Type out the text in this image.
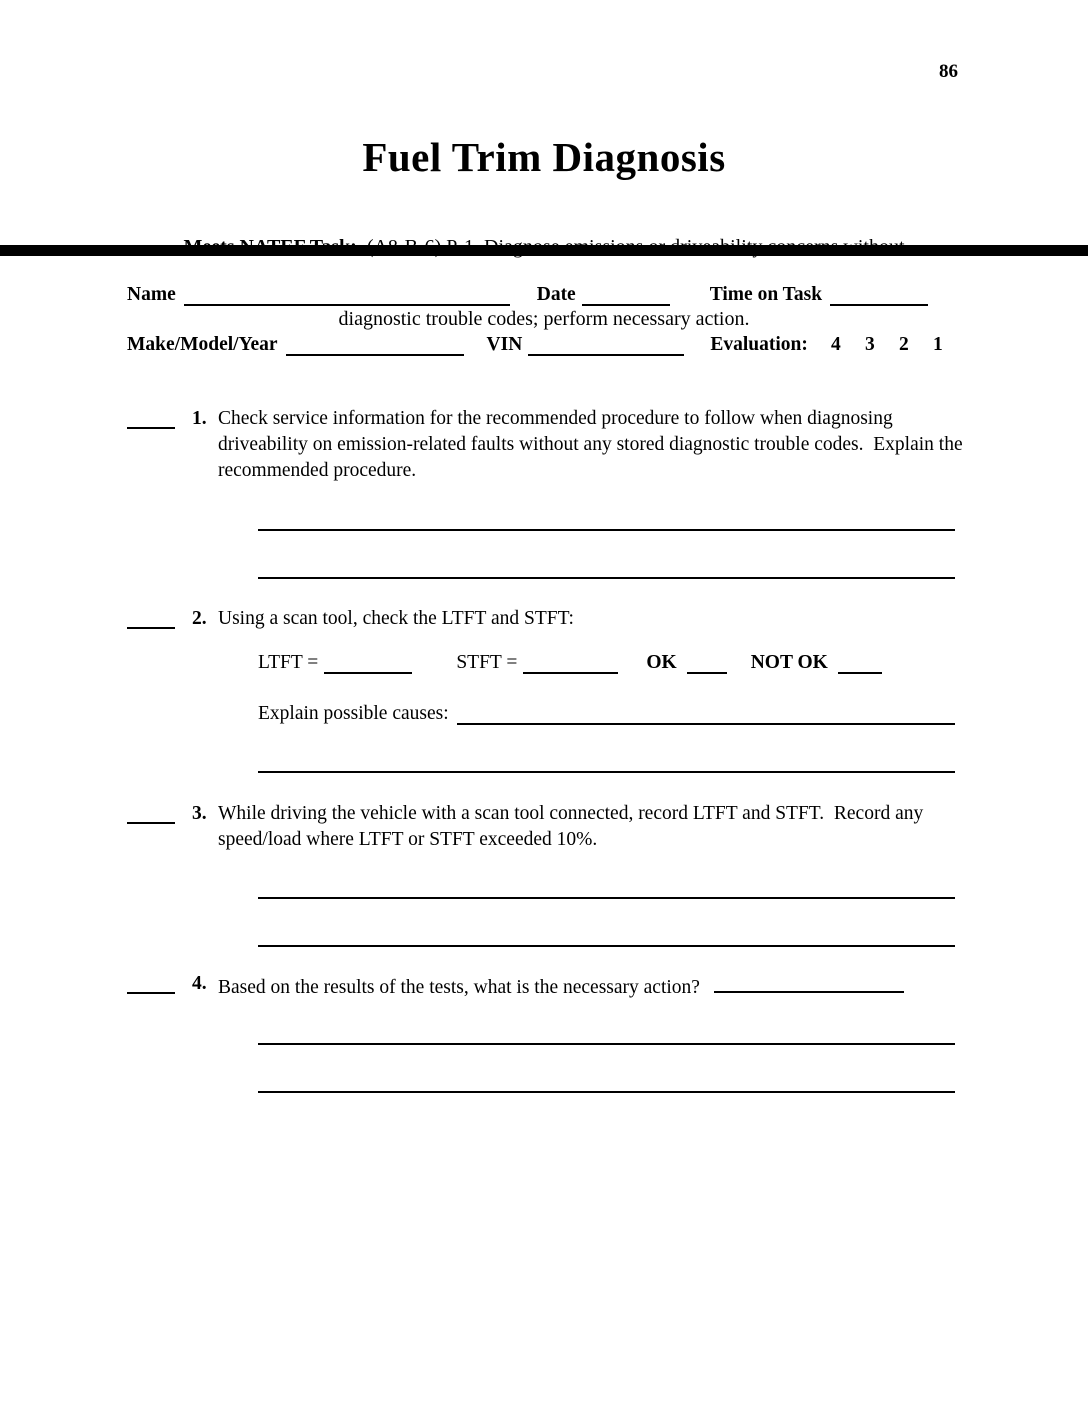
86
Fuel Trim Diagnosis

diagnostic trouble codes; perform necessary action.

Name	Date	Time on Task
Make/Model/Year	VIN	Evaluation: 4 3 2 1
1. Check service information for the recommended procedure to follow when diagnosing driveability on emission-related faults without any stored diagnostic trouble codes.  Explain the recommended procedure.
2. Using a scan tool, check the LTFT and STFT:
LTFT =	STFT =	OK	NOT OK
Explain possible causes:
3. While driving the vehicle with a scan tool connected, record LTFT and STFT.  Record any speed/load where LTFT or STFT exceeded 10%.
4. Based on the results of the tests, what is the necessary action?
